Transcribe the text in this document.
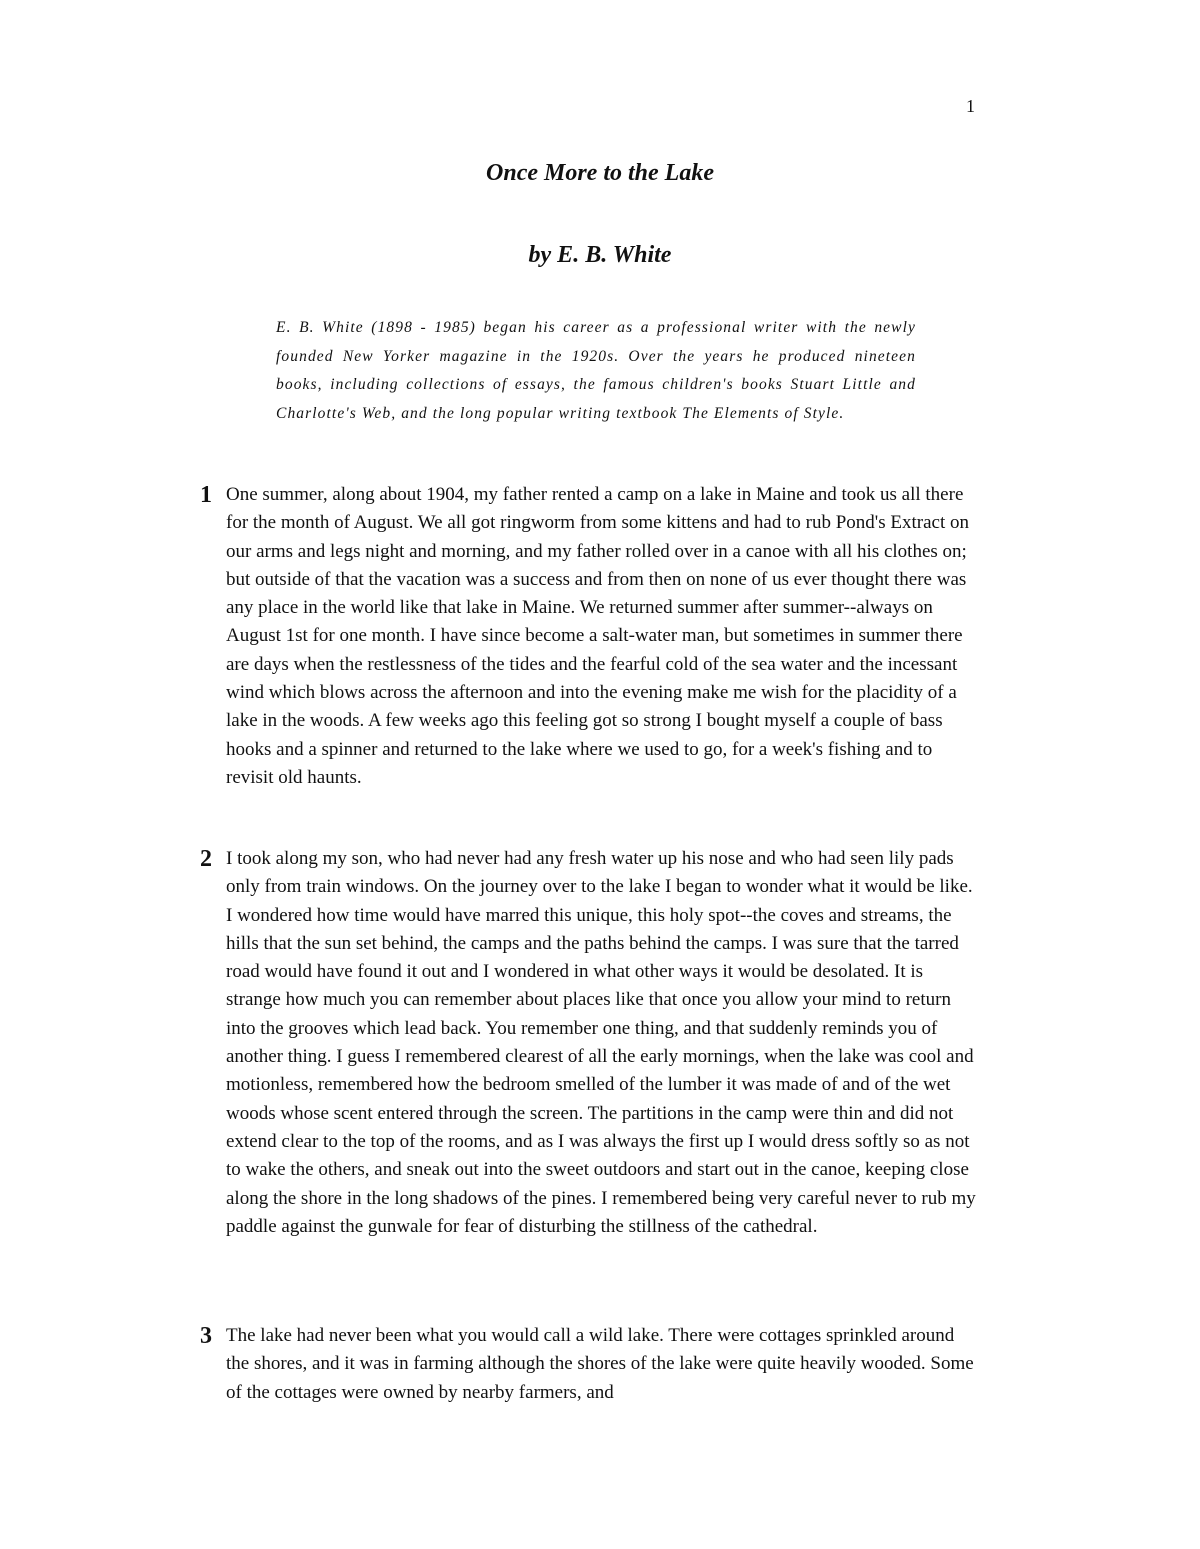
1
Once More to the Lake
by E. B. White
E. B. White (1898 - 1985) began his career as a professional writer with the newly founded New Yorker magazine in the 1920s. Over the years he produced nineteen books, including collections of essays, the famous children's books Stuart Little and Charlotte's Web, and the long popular writing textbook The Elements of Style.
1 One summer, along about 1904, my father rented a camp on a lake in Maine and took us all there for the month of August. We all got ringworm from some kittens and had to rub Pond's Extract on our arms and legs night and morning, and my father rolled over in a canoe with all his clothes on; but outside of that the vacation was a success and from then on none of us ever thought there was any place in the world like that lake in Maine. We returned summer after summer--always on August 1st for one month. I have since become a salt-water man, but sometimes in summer there are days when the restlessness of the tides and the fearful cold of the sea water and the incessant wind which blows across the afternoon and into the evening make me wish for the placidity of a lake in the woods. A few weeks ago this feeling got so strong I bought myself a couple of bass hooks and a spinner and returned to the lake where we used to go, for a week's fishing and to revisit old haunts.
2 I took along my son, who had never had any fresh water up his nose and who had seen lily pads only from train windows. On the journey over to the lake I began to wonder what it would be like. I wondered how time would have marred this unique, this holy spot--the coves and streams, the hills that the sun set behind, the camps and the paths behind the camps. I was sure that the tarred road would have found it out and I wondered in what other ways it would be desolated. It is strange how much you can remember about places like that once you allow your mind to return into the grooves which lead back. You remember one thing, and that suddenly reminds you of another thing. I guess I remembered clearest of all the early mornings, when the lake was cool and motionless, remembered how the bedroom smelled of the lumber it was made of and of the wet woods whose scent entered through the screen. The partitions in the camp were thin and did not extend clear to the top of the rooms, and as I was always the first up I would dress softly so as not to wake the others, and sneak out into the sweet outdoors and start out in the canoe, keeping close along the shore in the long shadows of the pines. I remembered being very careful never to rub my paddle against the gunwale for fear of disturbing the stillness of the cathedral.
3 The lake had never been what you would call a wild lake. There were cottages sprinkled around the shores, and it was in farming although the shores of the lake were quite heavily wooded. Some of the cottages were owned by nearby farmers, and
